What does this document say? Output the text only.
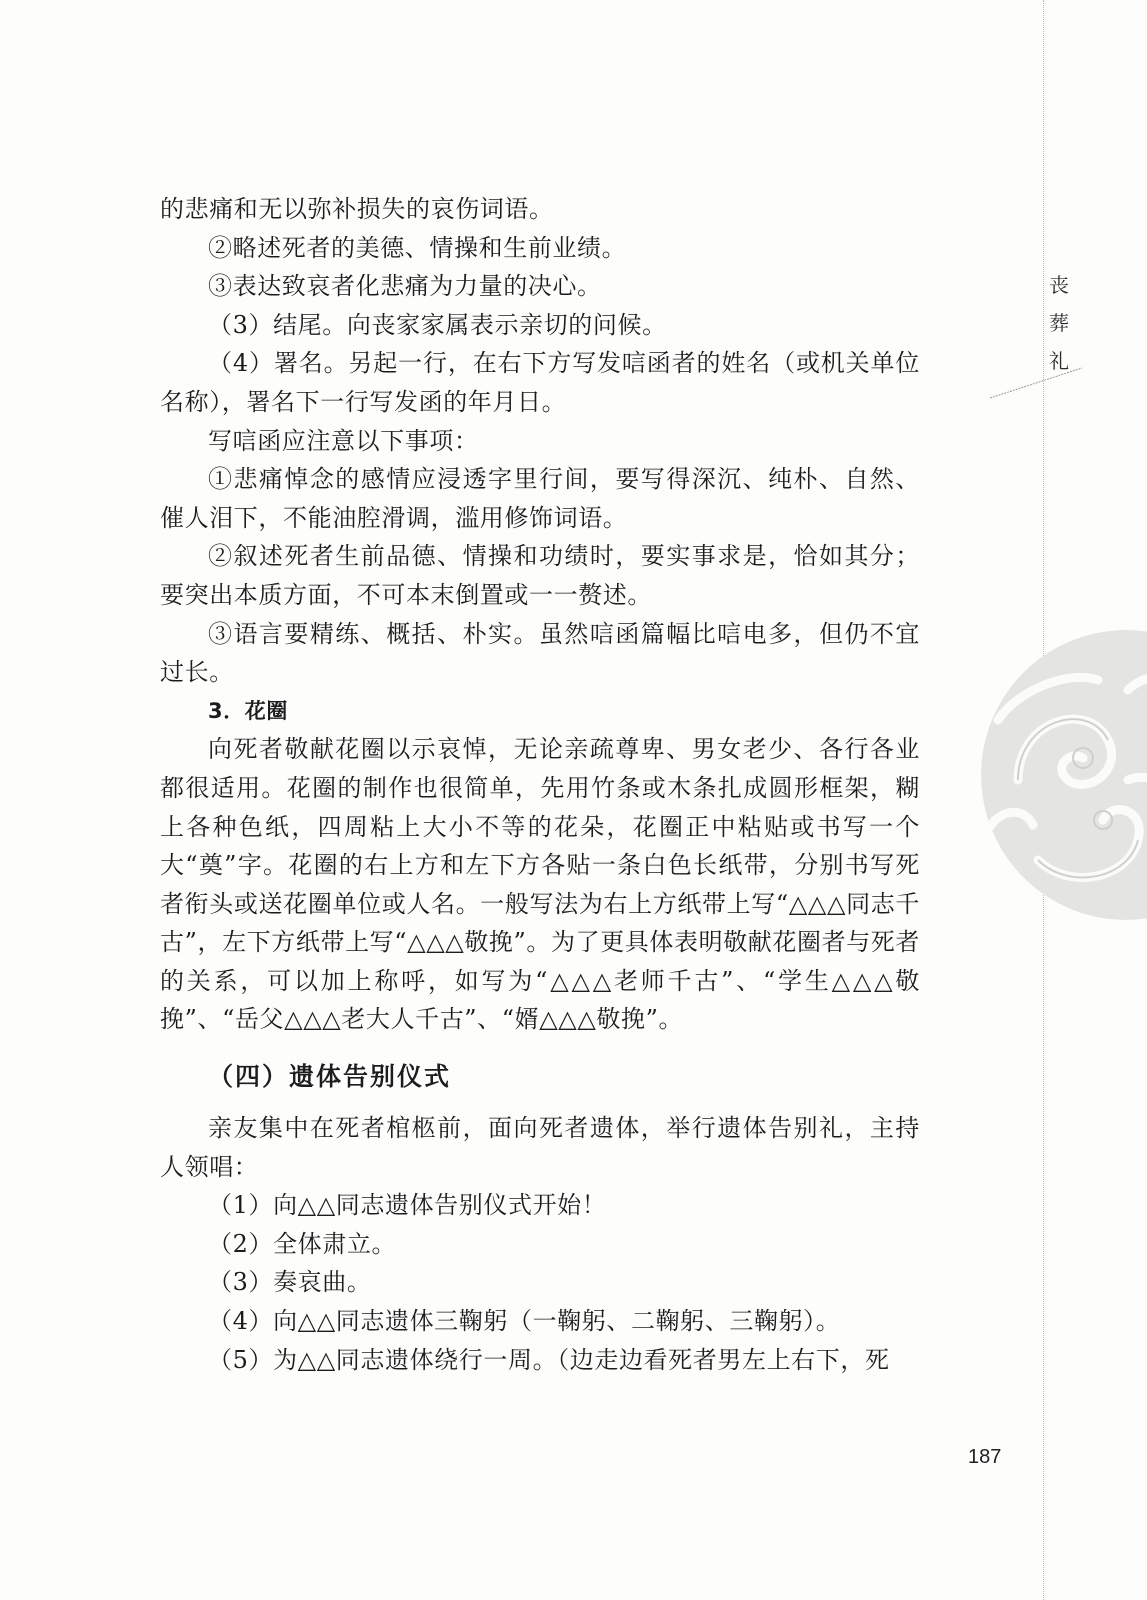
丧
葬
礼

的悲痛和无以弥补损失的哀伤词语。

②略述死者的美德、情操和生前业绩。

③表达致哀者化悲痛为力量的决心。

（3）结尾。向丧家家属表示亲切的问候。

（4）署名。另起一行，在右下方写发唁函者的姓名（或机关单位名称），署名下一行写发函的年月日。

写唁函应注意以下事项：

①悲痛悼念的感情应浸透字里行间，要写得深沉、纯朴、自然、催人泪下，不能油腔滑调，滥用修饰词语。

②叙述死者生前品德、情操和功绩时，要实事求是，恰如其分；要突出本质方面，不可本末倒置或一一赘述。

③语言要精练、概括、朴实。虽然唁函篇幅比唁电多，但仍不宜过长。

3．花圈

向死者敬献花圈以示哀悼，无论亲疏尊卑、男女老少、各行各业都很适用。花圈的制作也很简单，先用竹条或木条扎成圆形框架，糊上各种色纸，四周粘上大小不等的花朵，花圈正中粘贴或书写一个大“奠”字。花圈的右上方和左下方各贴一条白色长纸带，分别书写死者衔头或送花圈单位或人名。一般写法为右上方纸带上写“△△△同志千古”，左下方纸带上写“△△△敬挽”。为了更具体表明敬献花圈者与死者的关系，可以加上称呼，如写为“△△△老师千古”、“学生△△△敬挽”、“岳父△△△老大人千古”、“婿△△△敬挽”。

（四）遗体告别仪式

亲友集中在死者棺柩前，面向死者遗体，举行遗体告别礼，主持人领唱：

（1）向△△同志遗体告别仪式开始！

（2）全体肃立。

（3）奏哀曲。

（4）向△△同志遗体三鞠躬（一鞠躬、二鞠躬、三鞠躬）。

（5）为△△同志遗体绕行一周。（边走边看死者男左上右下，死

187
